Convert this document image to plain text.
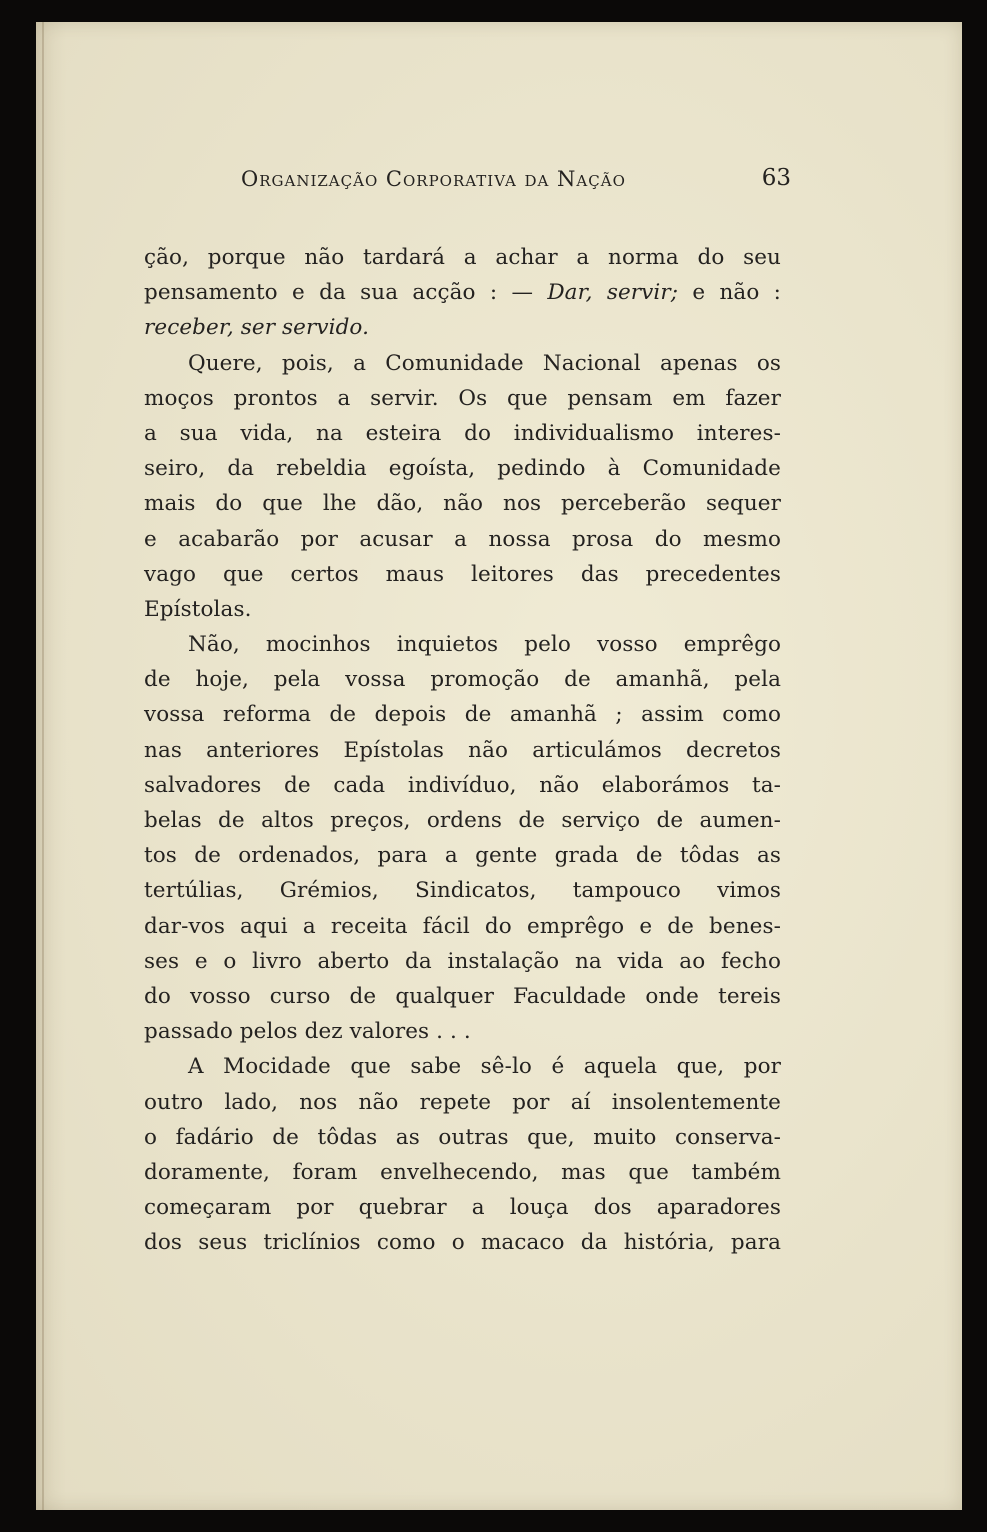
Organização Corporativa da Nação	63
ção, porque não tardará a achar a norma do seu
pensamento e da sua acção : — Dar, servir; e não :
receber, ser servido.
Quere, pois, a Comunidade Nacional apenas os
moços prontos a servir. Os que pensam em fazer
a sua vida, na esteira do individualismo interes-
seiro, da rebeldia egoísta, pedindo à Comunidade
mais do que lhe dão, não nos perceberão sequer
e acabarão por acusar a nossa prosa do mesmo
vago que certos maus leitores das precedentes
Epístolas.
Não, mocinhos inquietos pelo vosso emprêgo
de hoje, pela vossa promoção de amanhã, pela
vossa reforma de depois de amanhã ; assim como
nas anteriores Epístolas não articulámos decretos
salvadores de cada indivíduo, não elaborámos ta-
belas de altos preços, ordens de serviço de aumen-
tos de ordenados, para a gente grada de tôdas as
tertúlias, Grémios, Sindicatos, tampouco vimos
dar-vos aqui a receita fácil do emprêgo e de benes-
ses e o livro aberto da instalação na vida ao fecho
do vosso curso de qualquer Faculdade onde tereis
passado pelos dez valores . . .
A Mocidade que sabe sê-lo é aquela que, por
outro lado, nos não repete por aí insolentemente
o fadário de tôdas as outras que, muito conserva-
doramente, foram envelhecendo, mas que também
começaram por quebrar a louça dos aparadores
dos seus triclínios como o macaco da história, para
